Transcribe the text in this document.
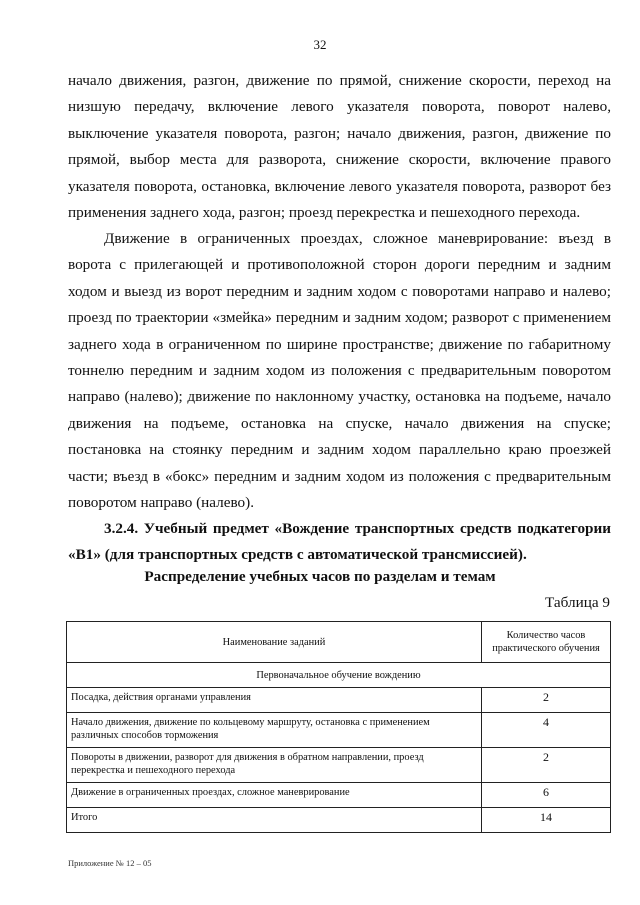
32

начало движения, разгон, движение по прямой, снижение скорости, переход на низшую передачу, включение левого указателя поворота, поворот налево, выключение указателя поворота, разгон; начало движения, разгон, движение по прямой, выбор места для разворота, снижение скорости, включение правого указателя поворота, остановка, включение левого указателя поворота, разворот без применения заднего хода, разгон; проезд перекрестка и пешеходного перехода.

Движение в ограниченных проездах, сложное маневрирование: въезд в ворота с прилегающей и противоположной сторон дороги передним и задним ходом и выезд из ворот передним и задним ходом с поворотами направо и налево; проезд по траектории «змейка» передним и задним ходом; разворот с применением заднего хода в ограниченном по ширине пространстве; движение по габаритному тоннелю передним и задним ходом из положения с предварительным поворотом направо (налево); движение по наклонному участку, остановка на подъеме, начало движения на подъеме, остановка на спуске, начало движения на спуске; постановка на стоянку передним и задним ходом параллельно краю проезжей части; въезд в «бокс» передним и задним ходом из положения с предварительным поворотом направо (налево).

3.2.4. Учебный предмет «Вождение транспортных средств подкатегории «B1» (для транспортных средств с автоматической трансмиссией).

Распределение учебных часов по разделам и темам
Таблица 9
Наименование заданий	Количество часов практического обучения
Первоначальное обучение вождению	
Посадка, действия органами управления	2
Начало движения, движение по кольцевому маршруту, остановка с применением различных способов торможения	4
Повороты в движении, разворот для движения в обратном направлении, проезд перекрестка и пешеходного перехода	2
Движение в ограниченных проездах, сложное маневрирование	6
Итого	14
Приложение № 12 – 05
